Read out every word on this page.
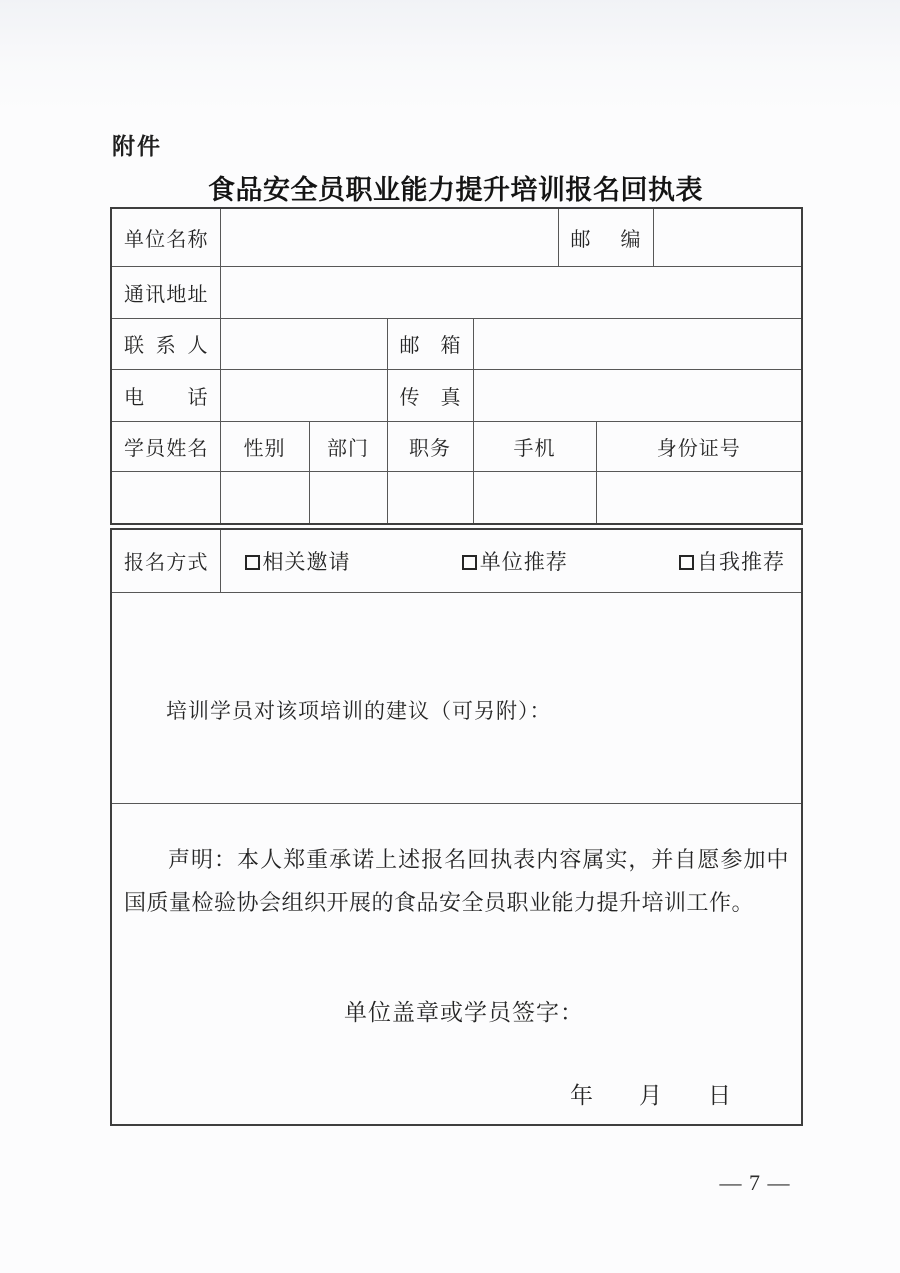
附件
食品安全员职业能力提升培训报名回执表
单 位 名 称					邮 编		

通 讯 地 址							

联 系 人			邮 箱				

电 话			传 真				

学 员 姓 名	性别	部门	职务	手机		身份证号	

报 名 方 式	相关邀请	单位推荐	自我推荐

培训学员对该项培训的建议（可另附）：

声明：本人郑重承诺上述报名回执表内容属实，并自愿参加中国质量检验协会组织开展的食品安全员职业能力提升培训工作。

单位盖章或学员签字：
年　　月　　日
— 7 —
